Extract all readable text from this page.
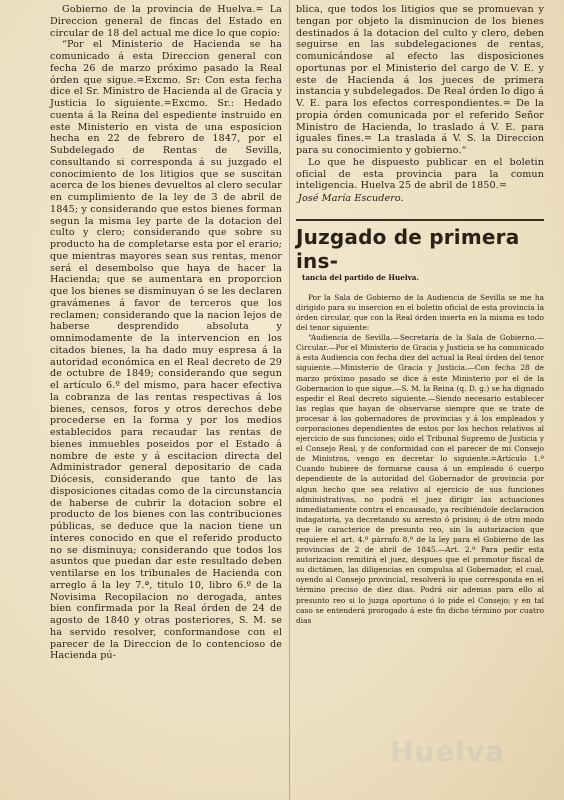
Gobierno de la provincia de Huelva.= La Direccion general de fincas del Estado en circular de 18 del actual me dice lo que copio:

“Por el Ministerio de Hacienda se ha comunicado á esta Direccion general con fecha 26 de marzo próximo pasado la Real órden que sigue.=Excmo. Sr: Con esta fecha dice el Sr. Ministro de Hacienda al de Gracia y Justicia lo siguiente.=Excmo. Sr.: Hedado cuenta á la Reina del espediente instruido en este Ministerio en vista de una esposicion hecha en 22 de febrero de 1847, por el Subdelegado de Rentas de Sevilla, consultando si corresponda á su juzgado el conocimiento de los litigios que se suscitan acerca de los bienes devueltos al clero secular en cumplimiento de la ley de 3 de abril de 1845; y considerando que estos bienes forman segun la misma ley parte de la dotacion del culto y clero; considerando que sobre su producto ha de completarse esta por el erario; que mientras mayores sean sus rentas, menor será el desembolso que haya de hacer la Hacienda; que se aumentara en proporcion que los bienes se disminuyan ó se les declaren gravámenes á favor de terceros que los reclamen; considerando que la nacion lejos de haberse desprendido absoluta y omnimodamente de la intervencion en los citados bienes, la ha dado muy espresa á la autoridad económica en el Real decreto de 29 de octubre de 1849; considerando que segun el artículo 6.º del mismo, para hacer efectiva la cobranza de las rentas respectivas á los bienes, censos, foros y otros derechos debe procederse en la forma y por los medios establecidos para recaudar las rentas de bienes inmuebles poseidos por el Estado á nombre de este y á escitacion directa del Administrador general depositario de cada Diócesis, considerando que tanto de las disposiciones citadas como de la circunstancia de haberse de cubrir la dotacion sobre el producto de los bienes con las contribuciones públicas, se deduce que la nacion tiene un interes conocido en que el referido producto no se disminuya; considerando que todos los asuntos que puedan dar este resultado deben ventilarse en los tribunales de Hacienda con arreglo á la ley 7.ª, titulo 10, libro 6.º de la Novisima Recopilacion no derogada, antes bien confirmada por la Real órden de 24 de agosto de 1840 y otras posteriores, S. M. se ha servido resolver, conformandose con el parecer de la Direccion de lo contencioso de Hacienda pú-

blica, que todos los litigios que se promuevan y tengan por objeto la disminucion de los bienes destinados á la dotacion del culto y clero, deben seguirse en las subdelegaciones de rentas, comunicándose al efecto las disposiciones oportunas por el Ministerio del cargo de V. E. y este de Hacienda á los jueces de primera instancia y subdelegados. De Real órden lo digo á V. E. para los efectos correspondientes.= De la propia órden comunicada por el referido Señor Ministro de Hacienda, lo traslado á V. E. para iguales fines.= La traslada á V. S. la Direccion para su conocimiento y gobierno.“

Lo que he dispuesto publicar en el boletin oficial de esta provincia para la comun inteligencia. Huelva 25 de abril de 1850.=

José María Escudero.

Juzgado de primera ins-

tancia del partido de Huelva.

Por la Sala de Gobierno de la Audiencia de Sevilla se me ha dirigido para su insercion en el boletin oficial de esta provincia la órden circular, que con la Real órden inserta en la misma es todo del tenor siguiente:

“Audiencia de Sevilla.—Secretaría de la Sala de Gobierno.—Circular.—Por el Ministerio de Gracia y Justicia se ha comunicado á esta Audiencia con fecha diez del actual la Real órden del tenor siguiente.—Ministerio de Gracia y Justicia.—Con fecha 28 de marzo próximo pasado se dice á este Ministerio por el de la Gobernacion lo que sigue.—S. M. la Reina (q. D. g.) se ha dignado espedir el Real decreto siguiente.—Siendo necesario establecer las reglas que hayan de observarse siempre que se trate de procesar á los gobernadores de provincias y á los empleados y corporaciones dependientes de estos por los hechos relativos al ejercicio de sus funciones; oido el Tribunal Supremo de Justicia y el Consejo Real, y de conformidad con el parecer de mi Consejo de Ministros, vengo en decretar lo siguiente.=Artículo 1.º Cuando hubiere de formarse causa á un empleado ó cuerpo dependiente de la autoridad del Gobernador de provincia por algun hecho que sea relativo al ejercicio de sus funciones administrativas, no podrá el juez dirigir las actuaciones inmediatamente contra el encausado, ya recibiéndole declaracion indagatoria, ya decretando su arresto ó prision; ó de otro modo que le caracterice de presunto reo, sin la autorizacion que requiere el art. 4.º párrafo 8.º de la ley para el Gobierno de las provincias de 2 de abril de 1845.—Art. 2.º Para pedir esta autorizacion remitirá el juez, despues que el promotor fiscal de su dictámen, las diligencias en compulsa al Gobernador, el cual, oyendo al Consejo provincial, resolverá lo que corresponda en el término preciso de diez dias. Podrá oir ademas para ello al presunto reo si lo juzga oportuno ó lo pide el Consejo; y en tal caso se entenderá prorogado á este fin dicho término por cuatro dias

Huelva
